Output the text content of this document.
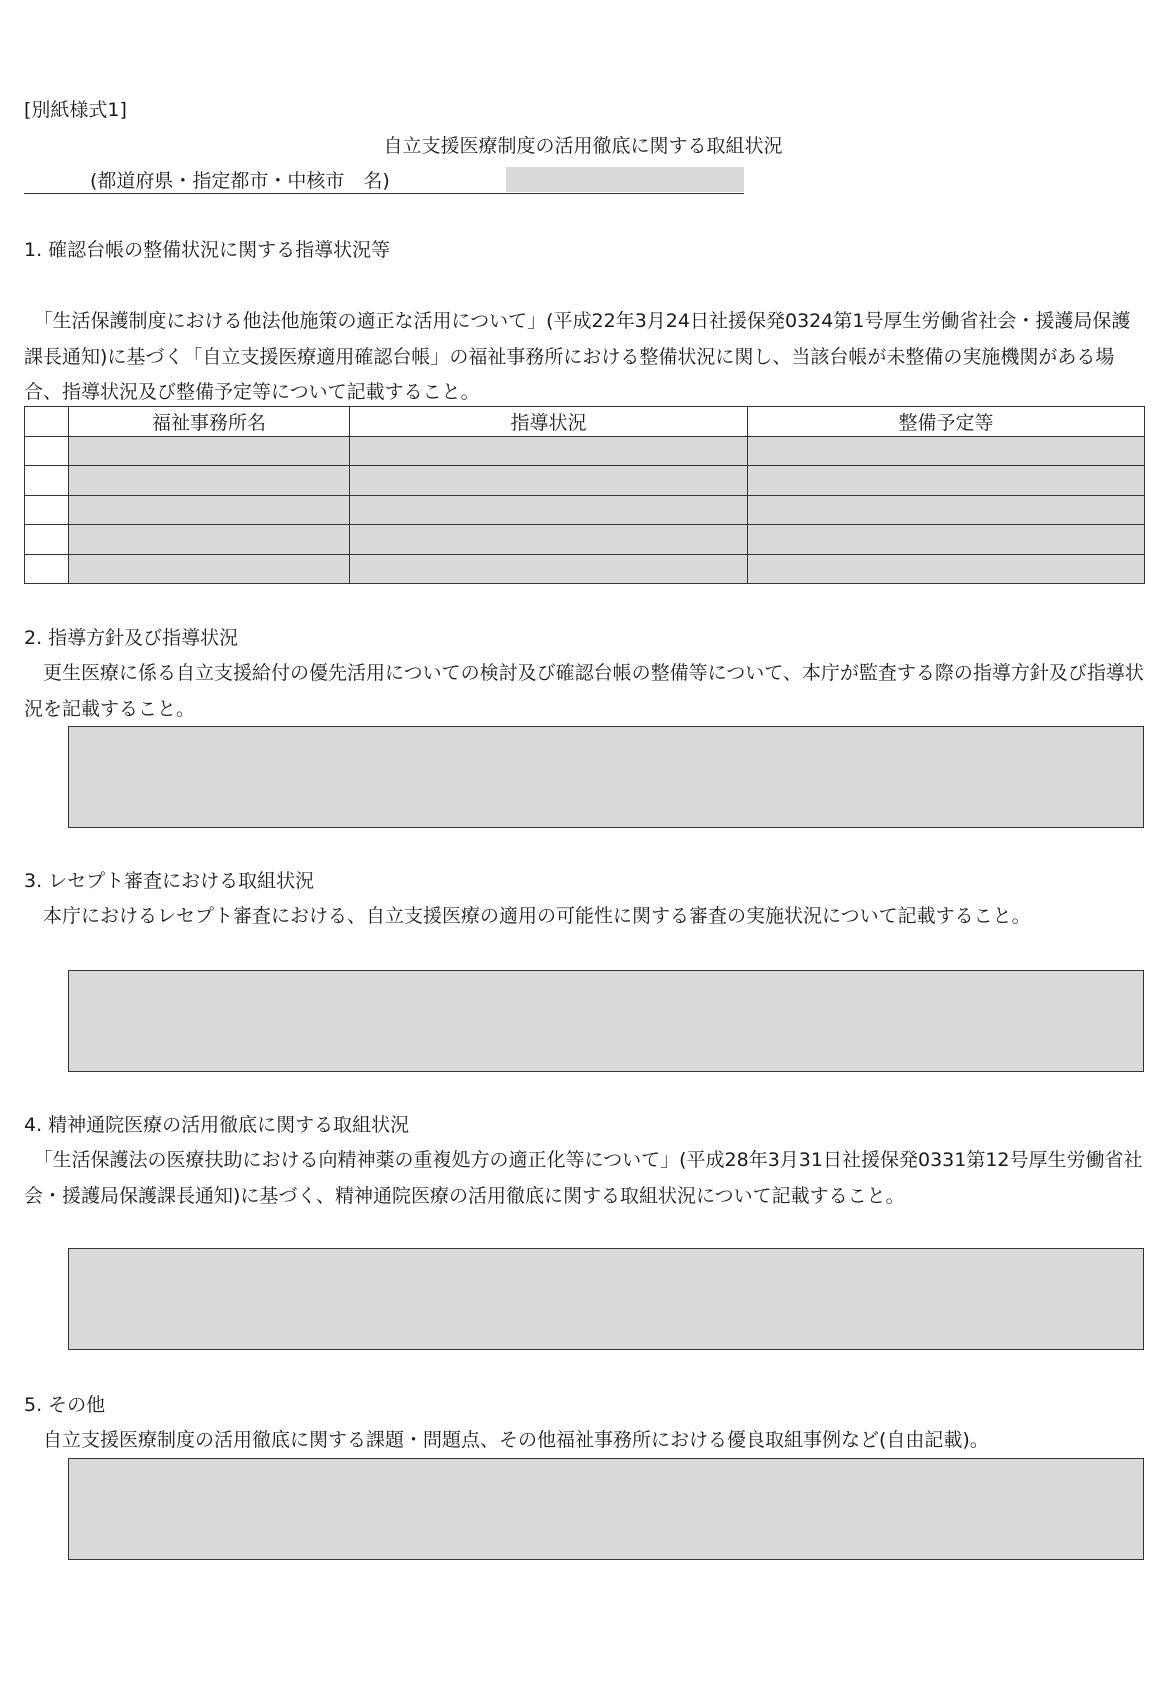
[別紙様式1]
自立支援医療制度の活用徹底に関する取組状況
(都道府県・指定都市・中核市　名)
1. 確認台帳の整備状況に関する指導状況等
　「生活保護制度における他法他施策の適正な活用について」(平成22年3月24日社援保発0324第1号厚生労働省社会・援護局保護課長通知)に基づく「自立支援医療適用確認台帳」の福祉事務所における整備状況に関し、当該台帳が未整備の実施機関がある場合、指導状況及び整備予定等について記載すること。
	福祉事務所名	指導状況	整備予定等

2. 指導方針及び指導状況
　更生医療に係る自立支援給付の優先活用についての検討及び確認台帳の整備等について、本庁が監査する際の指導方針及び指導状況を記載すること。
3. レセプト審査における取組状況
　本庁におけるレセプト審査における、自立支援医療の適用の可能性に関する審査の実施状況について記載すること。
4. 精神通院医療の活用徹底に関する取組状況
　「生活保護法の医療扶助における向精神薬の重複処方の適正化等について」(平成28年3月31日社援保発0331第12号厚生労働省社会・援護局保護課長通知)に基づく、精神通院医療の活用徹底に関する取組状況について記載すること。
5. その他
　自立支援医療制度の活用徹底に関する課題・問題点、その他福祉事務所における優良取組事例など(自由記載)。
